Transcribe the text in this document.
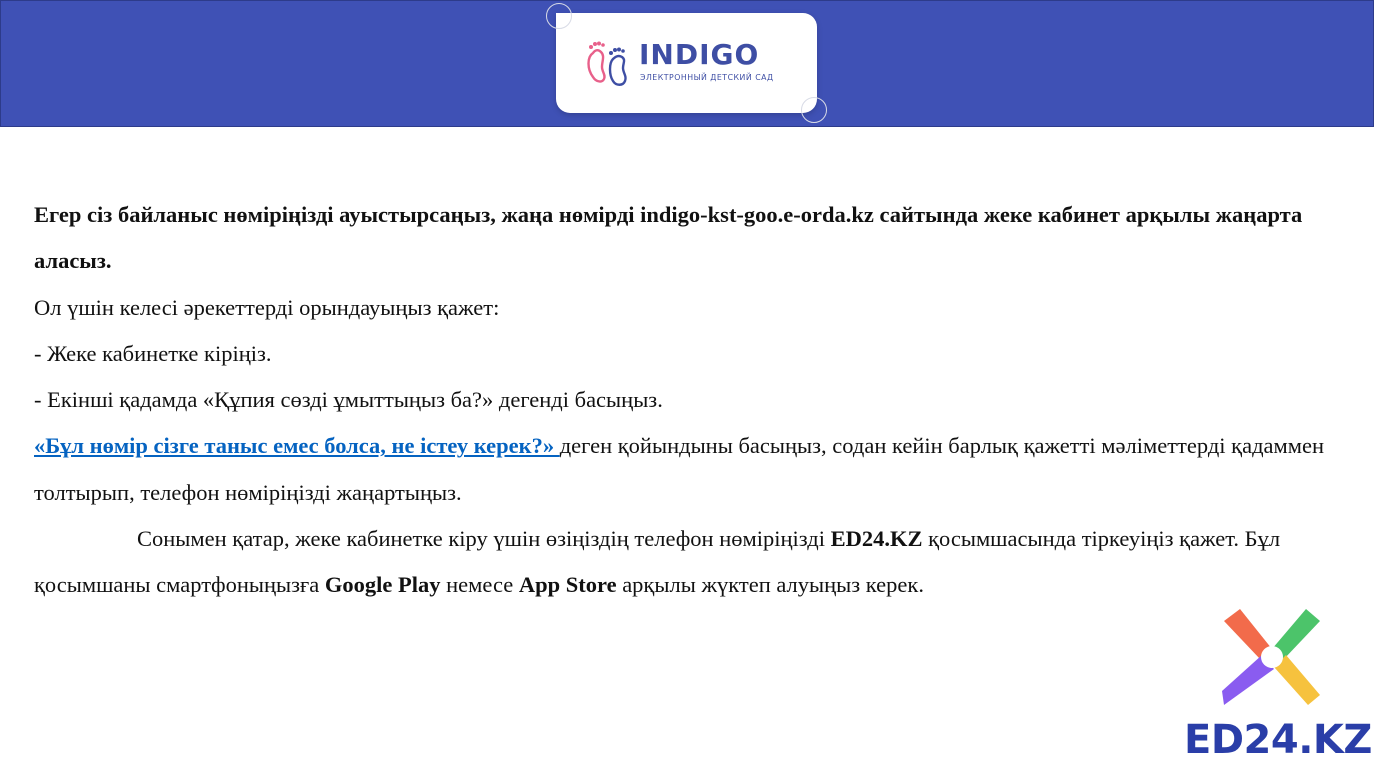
INDIGO
ЭЛЕКТРОННЫЙ ДЕТСКИЙ САД

Егер сіз байланыс нөміріңізді ауыстырсаңыз, жаңа нөмірді indigo-kst-goo.e-orda.kz сайтында жеке кабинет арқылы жаңарта аласыз.

Ол үшін келесі әрекеттерді орындауыңыз қажет:

- Жеке кабинетке кіріңіз.

- Екінші қадамда «Құпия сөзді ұмыттыңыз ба?» дегенді басыңыз.

«Бұл нөмір сізге таныс емес болса, не істеу керек?» деген қойындыны басыңыз, содан кейін барлық қажетті мәліметтерді қадаммен толтырып, телефон нөміріңізді жаңартыңыз.

Сонымен қатар, жеке кабинетке кіру үшін өзіңіздің телефон нөміріңізді ED24.KZ қосымшасында тіркеуіңіз қажет. Бұл қосымшаны смартфоныңызға Google Play немесе App Store арқылы жүктеп алуыңыз керек.

ED24.KZ
